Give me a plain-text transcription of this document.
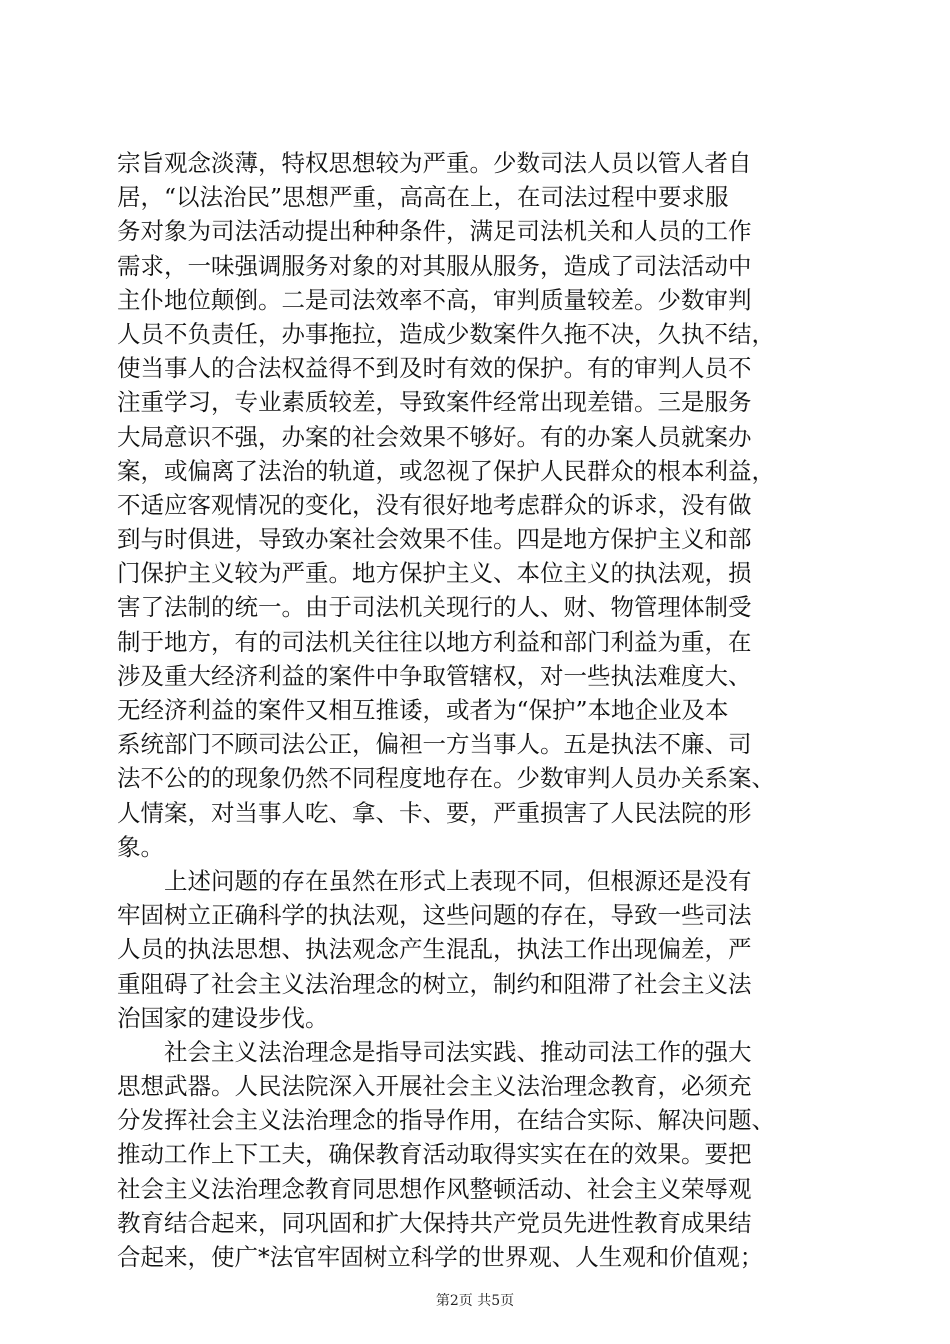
宗旨观念淡薄，特权思想较为严重。少数司法人员以管人者自
居，“以法治民”思想严重，高高在上，在司法过程中要求服
务对象为司法活动提出种种条件，满足司法机关和人员的工作
需求，一味强调服务对象的对其服从服务，造成了司法活动中
主仆地位颠倒。二是司法效率不高，审判质量较差。少数审判
人员不负责任，办事拖拉，造成少数案件久拖不决，久执不结，
使当事人的合法权益得不到及时有效的保护。有的审判人员不
注重学习，专业素质较差，导致案件经常出现差错。三是服务
大局意识不强，办案的社会效果不够好。有的办案人员就案办
案，或偏离了法治的轨道，或忽视了保护人民群众的根本利益，
不适应客观情况的变化，没有很好地考虑群众的诉求，没有做
到与时俱进，导致办案社会效果不佳。四是地方保护主义和部
门保护主义较为严重。地方保护主义、本位主义的执法观，损
害了法制的统一。由于司法机关现行的人、财、物管理体制受
制于地方，有的司法机关往往以地方利益和部门利益为重，在
涉及重大经济利益的案件中争取管辖权，对一些执法难度大、
无经济利益的案件又相互推诿，或者为“保护”本地企业及本
系统部门不顾司法公正，偏袒一方当事人。五是执法不廉、司
法不公的的现象仍然不同程度地存在。少数审判人员办关系案、
人情案，对当事人吃、拿、卡、要，严重损害了人民法院的形
象。
　　上述问题的存在虽然在形式上表现不同，但根源还是没有
牢固树立正确科学的执法观，这些问题的存在，导致一些司法
人员的执法思想、执法观念产生混乱，执法工作出现偏差，严
重阻碍了社会主义法治理念的树立，制约和阻滞了社会主义法
治国家的建设步伐。
　　社会主义法治理念是指导司法实践、推动司法工作的强大
思想武器。人民法院深入开展社会主义法治理念教育，必须充
分发挥社会主义法治理念的指导作用，在结合实际、解决问题、
推动工作上下工夫，确保教育活动取得实实在在的效果。要把
社会主义法治理念教育同思想作风整顿活动、社会主义荣辱观
教育结合起来，同巩固和扩大保持共产党员先进性教育成果结
合起来，使广*法官牢固树立科学的世界观、人生观和价值观；
第2页 共5页
